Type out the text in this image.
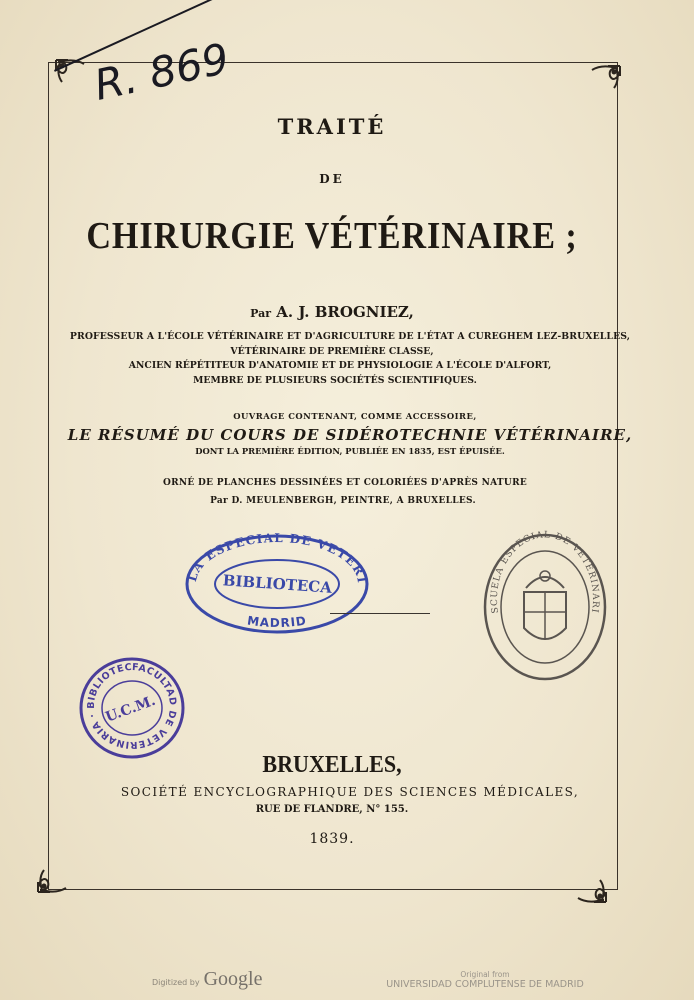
R. 869
TRAITÉ
DE
CHIRURGIE VÉTÉRINAIRE ;
Par A. J. BROGNIEZ,
PROFESSEUR A L'ÉCOLE VÉTÉRINAIRE ET D'AGRICULTURE DE L'ÉTAT A CUREGHEM LEZ-BRUXELLES,
VÉTÉRINAIRE DE PREMIÈRE CLASSE,
ANCIEN RÉPÉTITEUR D'ANATOMIE ET DE PHYSIOLOGIE A L'ÉCOLE D'ALFORT,
MEMBRE DE PLUSIEURS SOCIÉTÉS SCIENTIFIQUES.
OUVRAGE CONTENANT, COMME ACCESSOIRE,
LE RÉSUMÉ DU COURS DE SIDÉROTECHNIE VÉTÉRINAIRE,
DONT LA PREMIÈRE ÉDITION, PUBLIÉE EN 1835, EST ÉPUISÉE.
ORNÉ DE PLANCHES DESSINÉES ET COLORIÉES D'APRÈS NATURE
Par D. MEULENBERGH, PEINTRE, A BRUXELLES.
ESCUELA ESPECIAL DE VETERINARIA
BIBLIOTECA
MADRID
ESCUELA ESPECIAL DE VETERINARIA
FACULTAD DE VETERINARIA · BIBLIOTECA ·
U.C.M.
BRUXELLES,
SOCIÉTÉ ENCYCLOGRAPHIQUE DES SCIENCES MÉDICALES,
RUE DE FLANDRE, N° 155.
1839.
Digitized by Google	Original from
UNIVERSIDAD COMPLUTENSE DE MADRID
